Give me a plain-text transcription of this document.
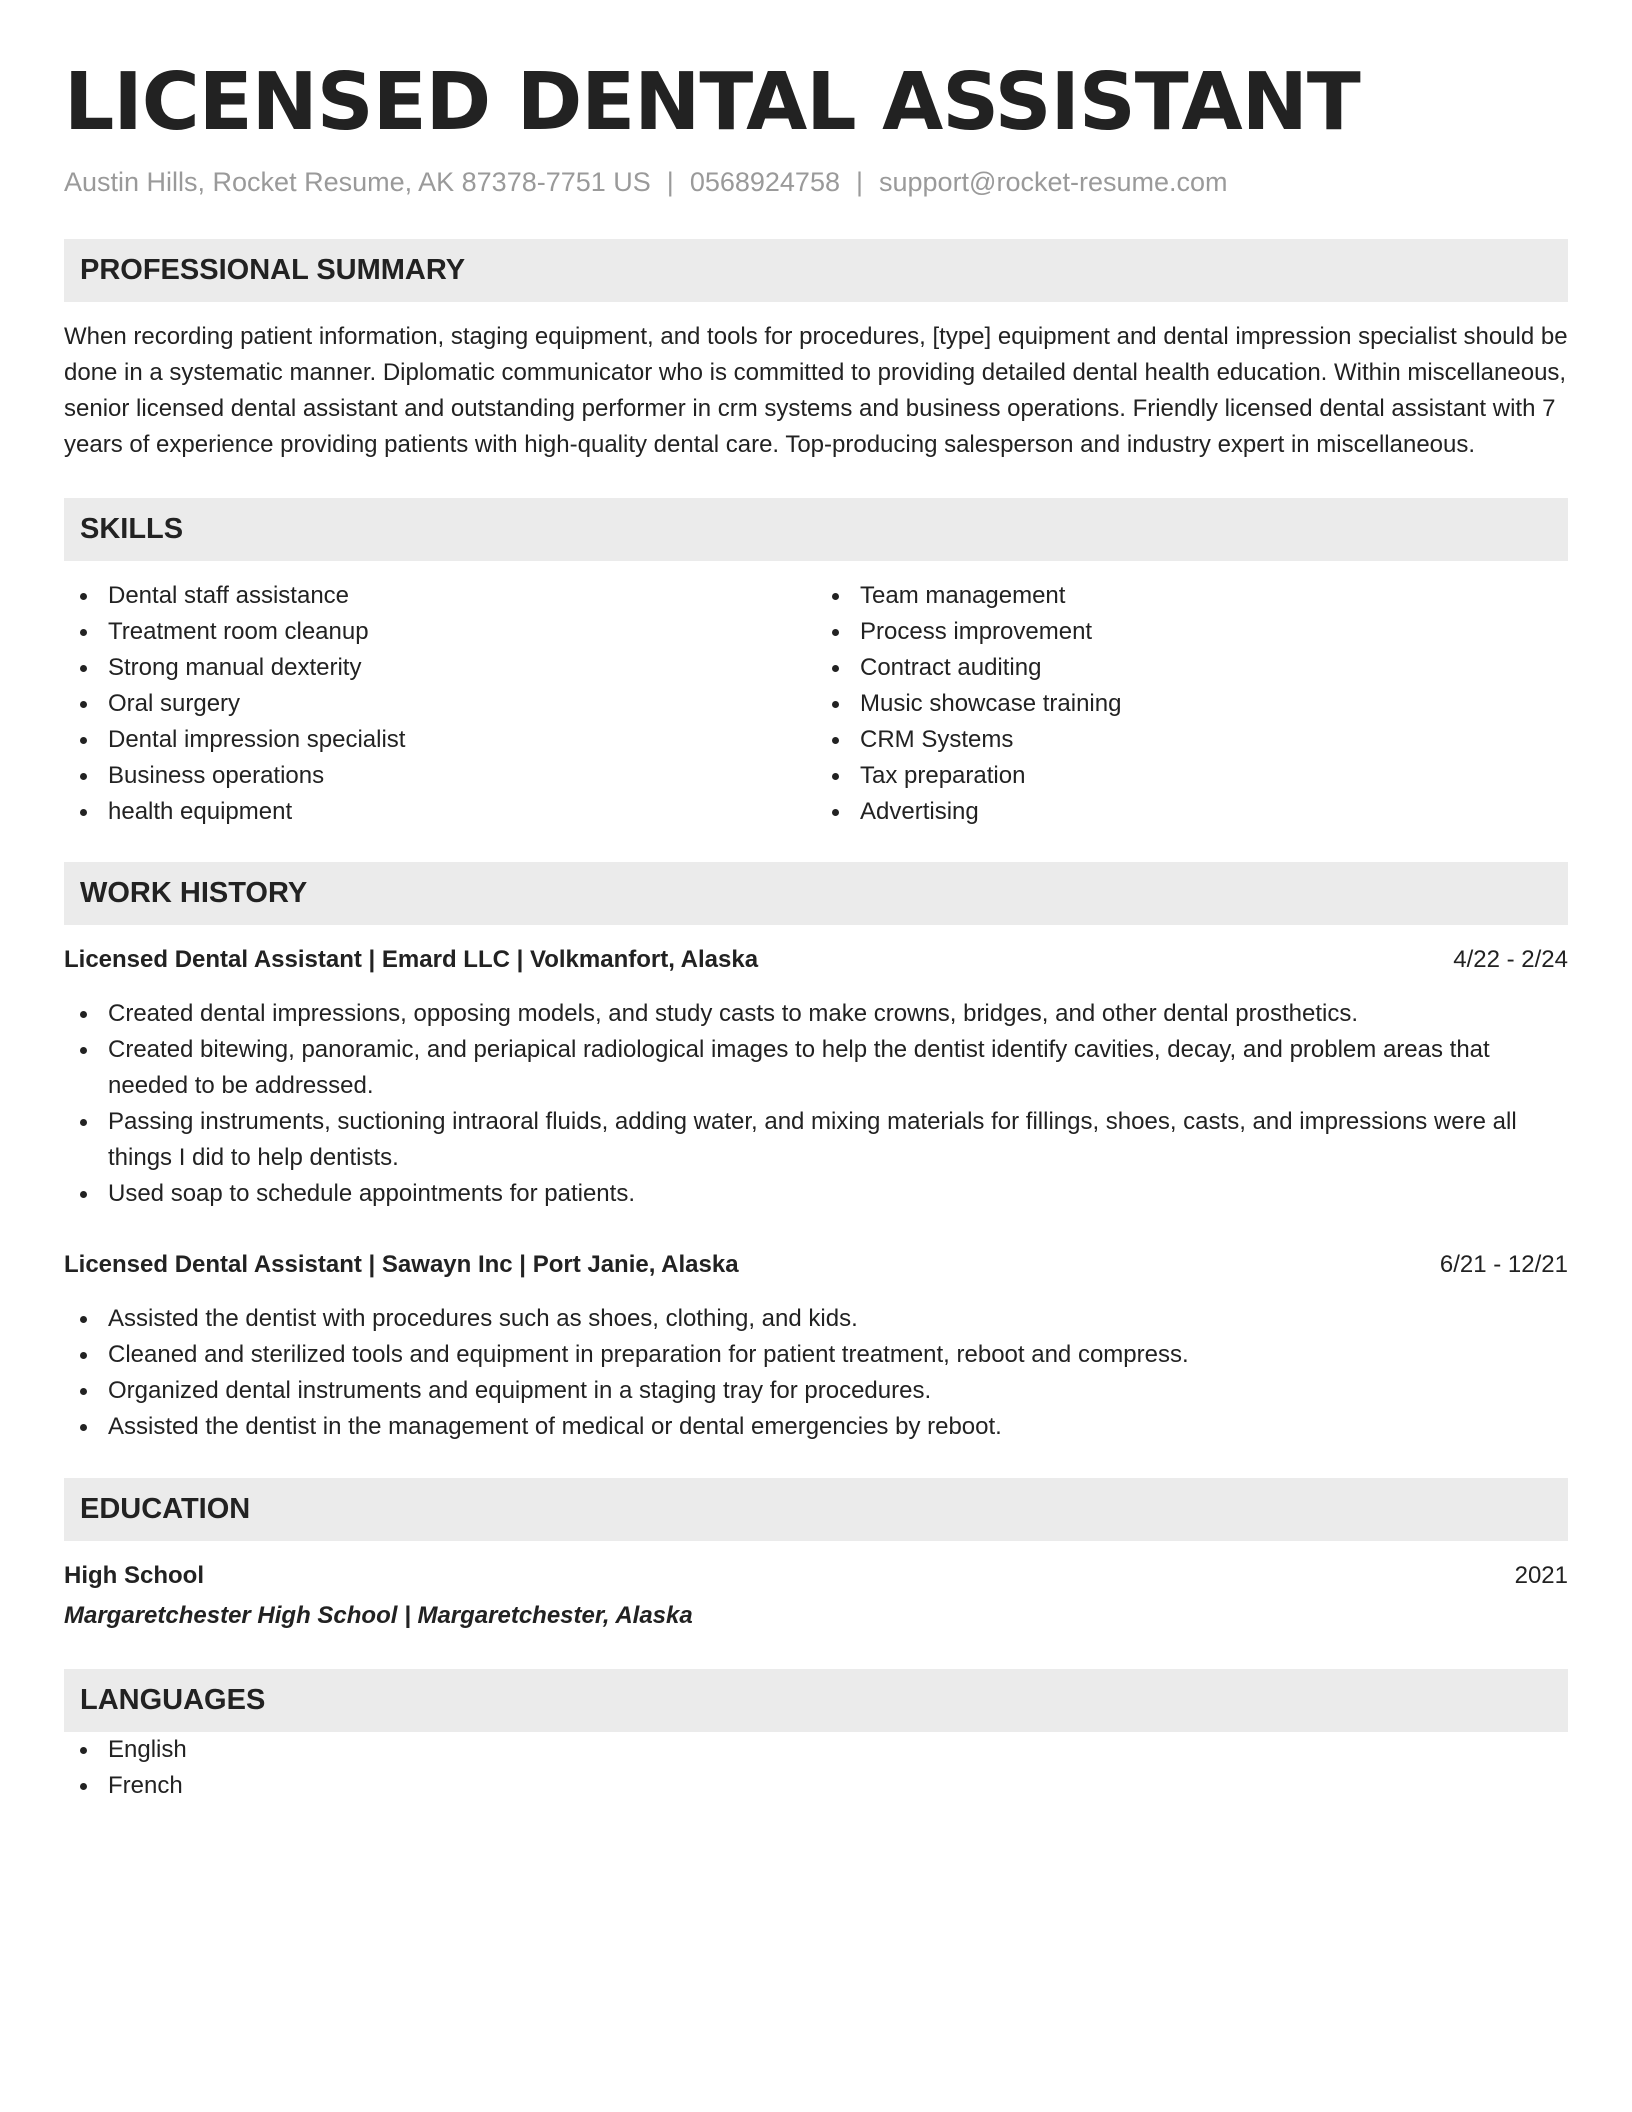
LICENSED DENTAL ASSISTANT
Austin Hills, Rocket Resume, AK 87378-7751 US | 0568924758 | support@rocket-resume.com
PROFESSIONAL SUMMARY

When recording patient information, staging equipment, and tools for procedures, [type] equipment and dental impression specialist should be done in a systematic manner. Diplomatic communicator who is committed to providing detailed dental health education. Within miscellaneous, senior licensed dental assistant and outstanding performer in crm systems and business operations. Friendly licensed dental assistant with 7 years of experience providing patients with high-quality dental care. Top-producing salesperson and industry expert in miscellaneous.

SKILLS
Dental staff assistance
Treatment room cleanup
Strong manual dexterity
Oral surgery
Dental impression specialist
Business operations
health equipment
Team management
Process improvement
Contract auditing
Music showcase training
CRM Systems
Tax preparation
Advertising
WORK HISTORY
Licensed Dental Assistant | Emard LLC | Volkmanfort, Alaska	4/22 - 2/24
Created dental impressions, opposing models, and study casts to make crowns, bridges, and other dental prosthetics.
Created bitewing, panoramic, and periapical radiological images to help the dentist identify cavities, decay, and problem areas that needed to be addressed.
Passing instruments, suctioning intraoral fluids, adding water, and mixing materials for fillings, shoes, casts, and impressions were all things I did to help dentists.
Used soap to schedule appointments for patients.
Licensed Dental Assistant | Sawayn Inc | Port Janie, Alaska	6/21 - 12/21
Assisted the dentist with procedures such as shoes, clothing, and kids.
Cleaned and sterilized tools and equipment in preparation for patient treatment, reboot and compress.
Organized dental instruments and equipment in a staging tray for procedures.
Assisted the dentist in the management of medical or dental emergencies by reboot.
EDUCATION
High School	2021
Margaretchester High School | Margaretchester, Alaska
LANGUAGES
English
French
